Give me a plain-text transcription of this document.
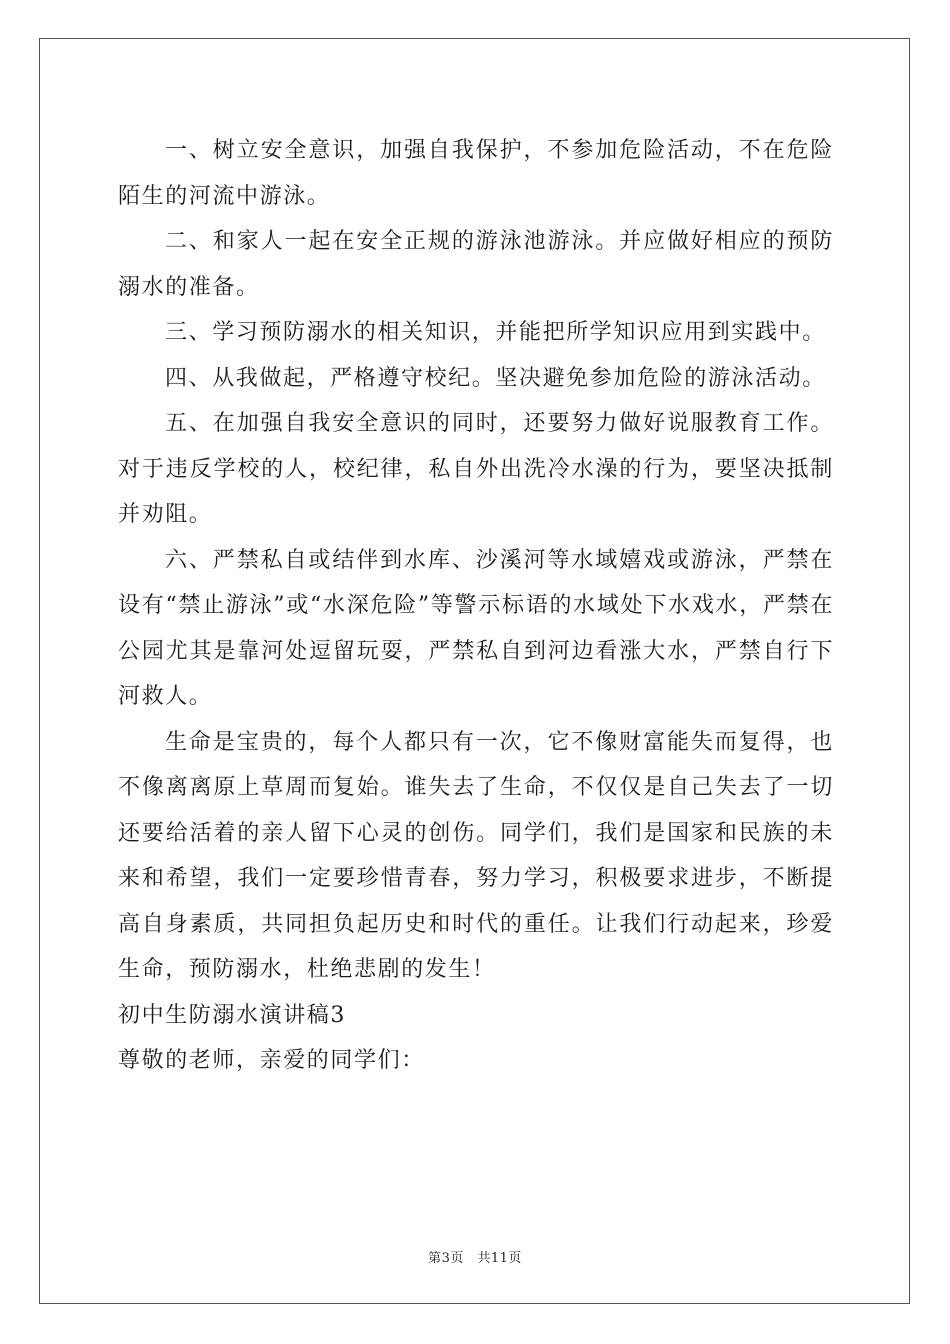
一、树立安全意识，加强自我保护，不参加危险活动，不在危险陌生的河流中游泳。

二、和家人一起在安全正规的游泳池游泳。并应做好相应的预防溺水的准备。

三、学习预防溺水的相关知识，并能把所学知识应用到实践中。

四、从我做起，严格遵守校纪。坚决避免参加危险的游泳活动。

五、在加强自我安全意识的同时，还要努力做好说服教育工作。对于违反学校的人，校纪律，私自外出洗冷水澡的行为，要坚决抵制并劝阻。

六、严禁私自或结伴到水库、沙溪河等水域嬉戏或游泳，严禁在设有“禁止游泳”或“水深危险”等警示标语的水域处下水戏水，严禁在公园尤其是靠河处逗留玩耍，严禁私自到河边看涨大水，严禁自行下河救人。

生命是宝贵的，每个人都只有一次，它不像财富能失而复得，也不像离离原上草周而复始。谁失去了生命，不仅仅是自己失去了一切还要给活着的亲人留下心灵的创伤。同学们，我们是国家和民族的未来和希望，我们一定要珍惜青春，努力学习，积极要求进步，不断提高自身素质，共同担负起历史和时代的重任。让我们行动起来，珍爱生命，预防溺水，杜绝悲剧的发生！

初中生防溺水演讲稿3

尊敬的老师，亲爱的同学们：

第3页　共11页
